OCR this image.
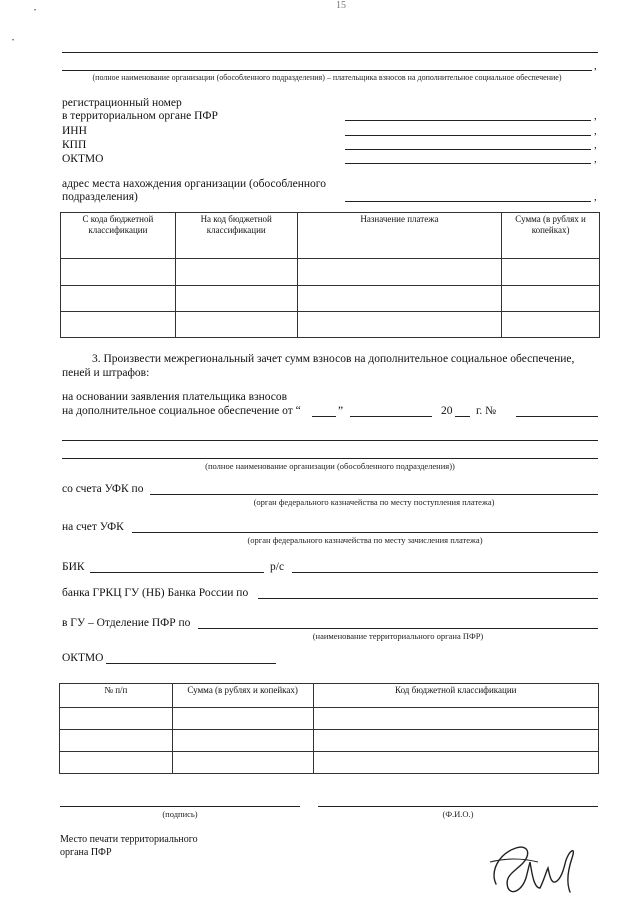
15
•
•
,
(полное наименование организации (обособленного подразделения) – плательщика взносов на дополнительное социальное обеспечение)
регистрационный номер
в территориальном органе ПФР	,
ИНН	,
КПП	,
ОКТМО	,
адрес места нахождения организации (обособленного
подразделения)	,
С кода бюджетной классификации	На код бюджетной классификации	Назначение платежа	Сумма (в рублях и копейках)

3. Произвести межрегиональный зачет сумм взносов на дополнительное социальное обеспечение,
пеней и штрафов:
на основании заявления плательщика взносов
на дополнительное социальное обеспечение от “	”	20 г. №
(полное наименование организации (обособленного подразделения))
со счета УФК по
(орган федерального казначейства по месту поступления платежа)
на счет УФК
(орган федерального казначейства по месту зачисления платежа)
БИК	р/с
банка ГРКЦ ГУ (НБ) Банка России по
в ГУ – Отделение ПФР по
(наименование территориального органа ПФР)
ОКТМО
№ п/п	Сумма (в рублях и копейках)	Код бюджетной классификации

(подпись)	(Ф.И.О.)
Место печати территориального
органа ПФР
